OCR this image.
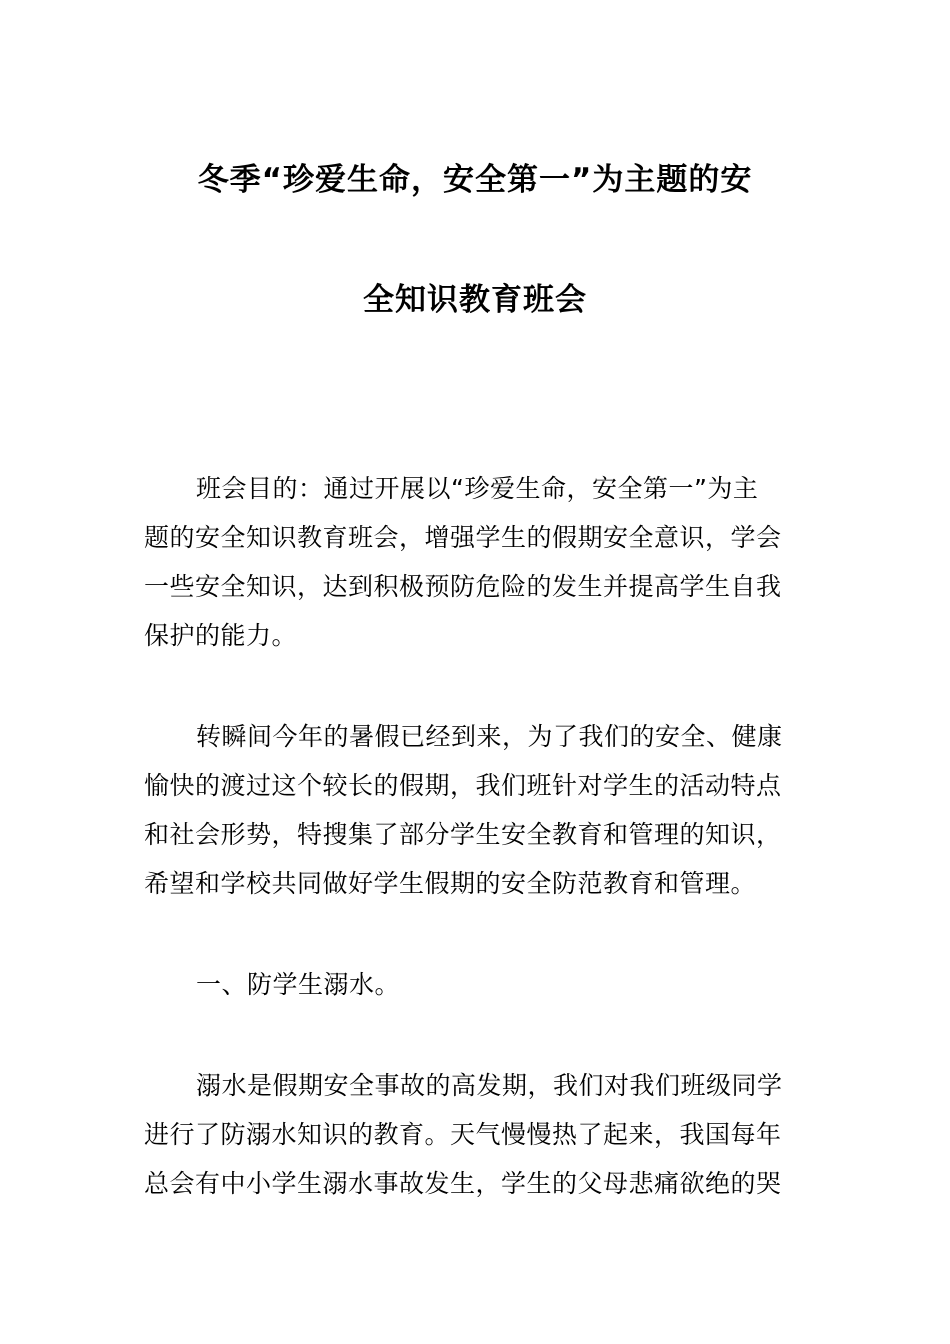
冬季“珍爱生命，安全第一”为主题的安
全知识教育班会
班会目的：通过开展以“珍爱生命，安全第一”为主
题的安全知识教育班会，增强学生的假期安全意识，学会
一些安全知识，达到积极预防危险的发生并提高学生自我
保护的能力。
转瞬间今年的暑假已经到来，为了我们的安全、健康
愉快的渡过这个较长的假期，我们班针对学生的活动特点
和社会形势，特搜集了部分学生安全教育和管理的知识，
希望和学校共同做好学生假期的安全防范教育和管理。
一、防学生溺水。
溺水是假期安全事故的高发期，我们对我们班级同学
进行了防溺水知识的教育。天气慢慢热了起来，我国每年
总会有中小学生溺水事故发生，学生的父母悲痛欲绝的哭
